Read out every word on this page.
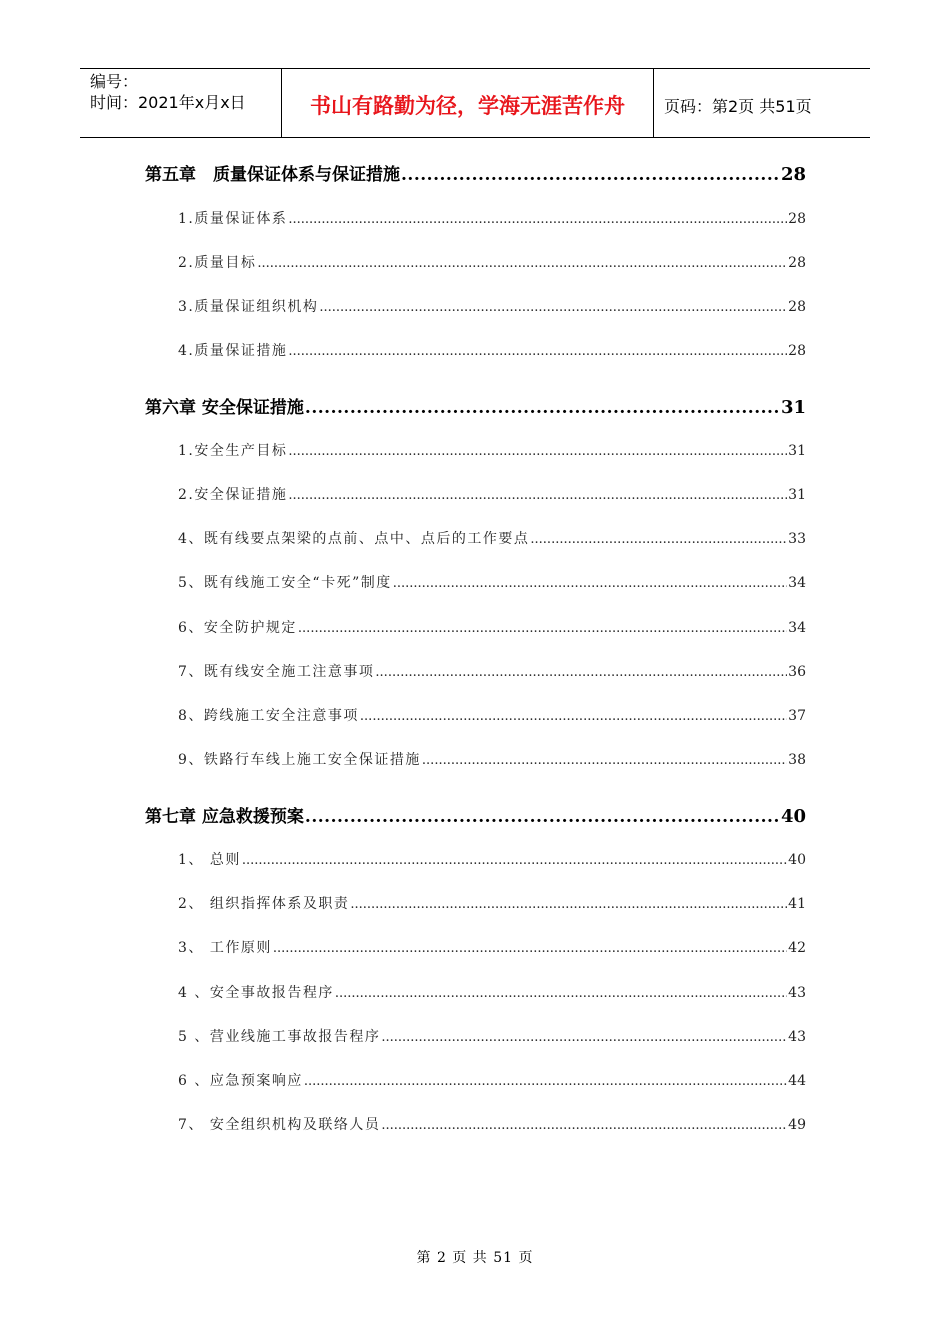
编号：
时间：2021年x月x日	书山有路勤为径，学海无涯苦作舟	页码：第2页 共51页
第五章　质量保证体系与保证措施 .....	28
1.质量保证体系 .....	28
2.质量目标 .....	28
3.质量保证组织机构 .....	28
4.质量保证措施 .....	28
第六章 安全保证措施 .....	31
1.安全生产目标 .....	31
2.安全保证措施 .....	31
4、既有线要点架梁的点前、点中、点后的工作要点 .....	33
5、既有线施工安全“卡死”制度 .....	34
6、安全防护规定 .....	34
7、既有线安全施工注意事项 .....	36
8、跨线施工安全注意事项 .....	37
9、铁路行车线上施工安全保证措施 .....	38
第七章 应急救援预案 .....	40
1、 总则 .....	40
2、 组织指挥体系及职责 .....	41
3、 工作原则 .....	42
4 、安全事故报告程序 .....	43
5 、营业线施工事故报告程序 .....	43
6 、应急预案响应 .....	44
7、 安全组织机构及联络人员 .....	49
第 2 页 共 51 页
